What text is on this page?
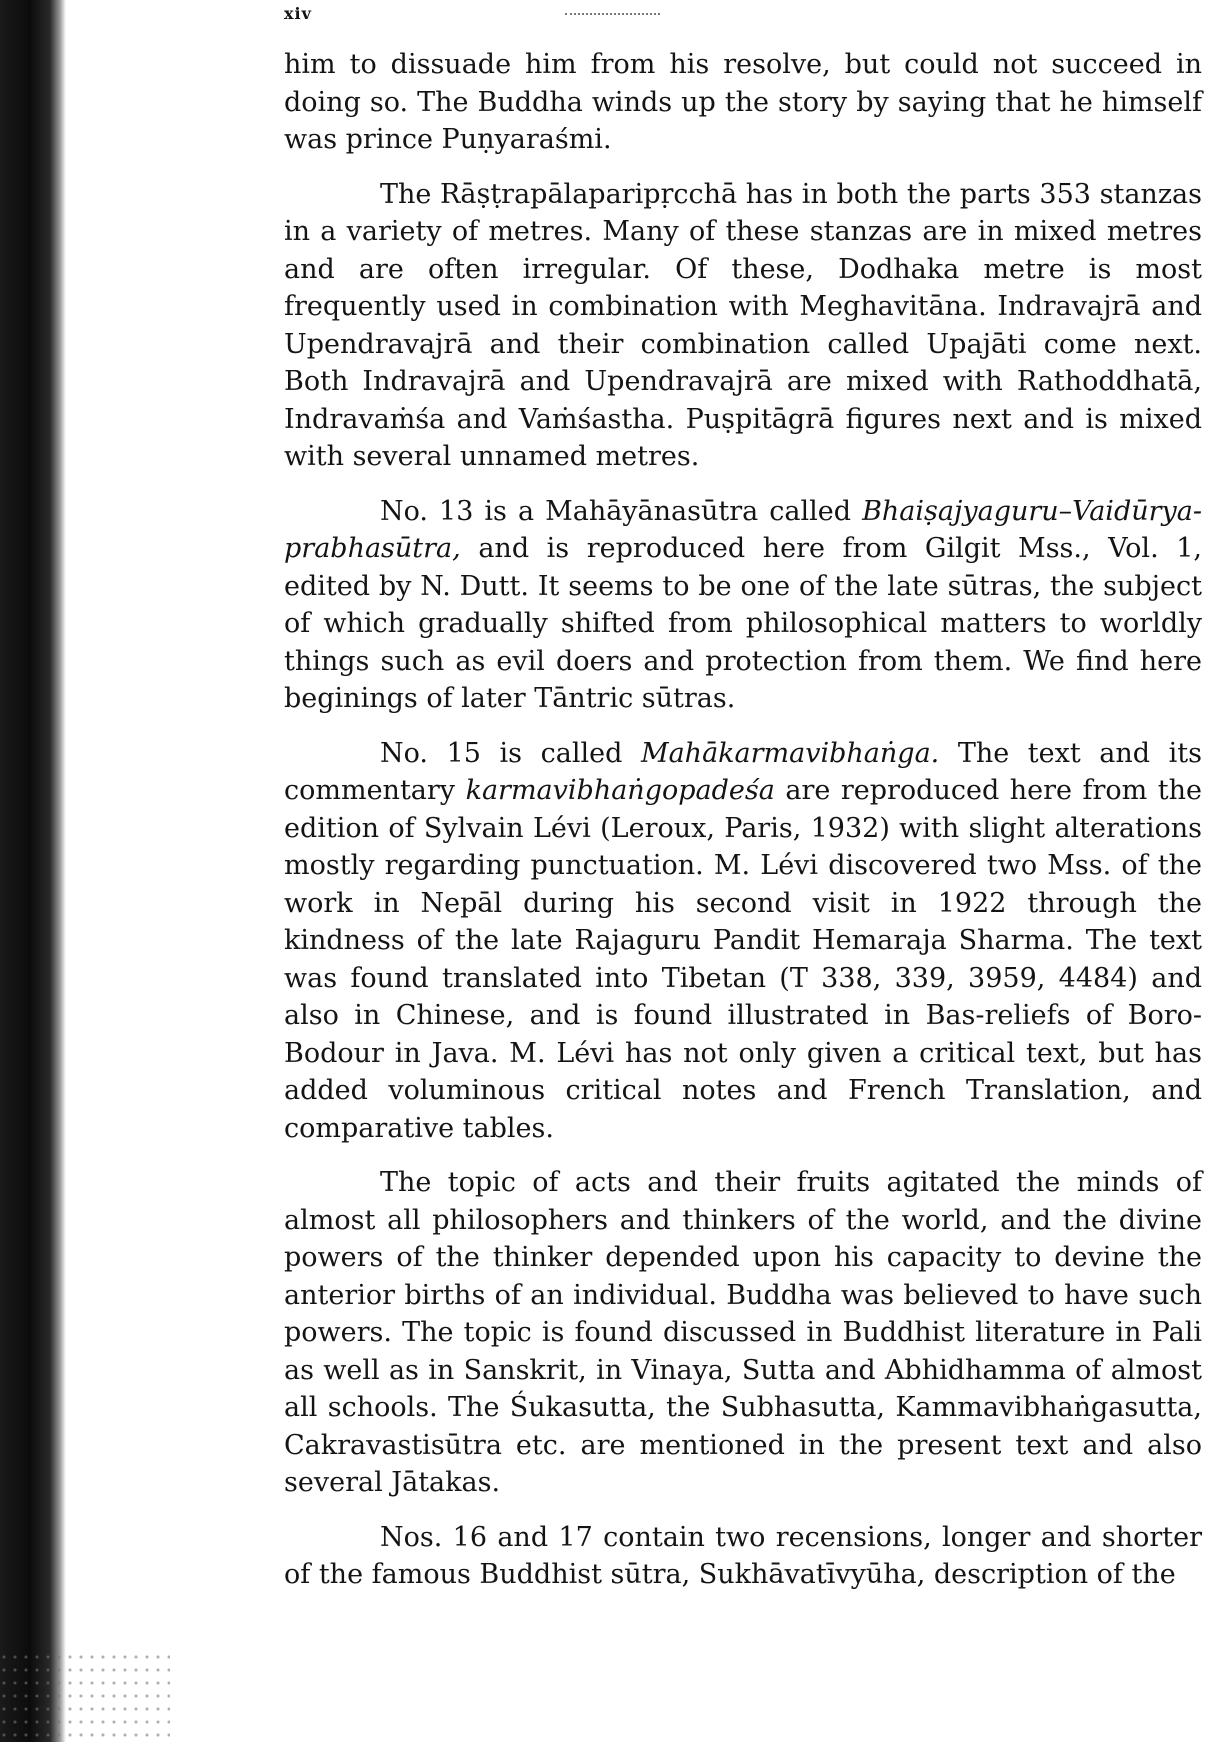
xiv

him to dissuade him from his resolve, but could not succeed in doing so. The Buddha winds up the story by saying that he himself was prince Puṇyaraśmi.

The Rāṣṭrapālaparipṛcchā has in both the parts 353 stanzas in a variety of metres. Many of these stanzas are in mixed metres and are often irregular. Of these, Dodhaka metre is most frequently used in combination with Meghavitāna. Indravajrā and Upendravajrā and their combination called Upajāti come next. Both Indravajrā and Upendravajrā are mixed with Rathoddhatā, Indravaṁśa and Vaṁśastha. Puṣpitāgrā figures next and is mixed with several unnamed metres.

No. 13 is a Mahāyānasūtra called Bhaiṣajyaguru–Vaidūrya-prabhasūtra, and is reproduced here from Gilgit Mss., Vol. 1, edited by N. Dutt. It seems to be one of the late sūtras, the subject of which gradually shifted from philosophical matters to worldly things such as evil doers and protection from them. We find here beginings of later Tāntric sūtras.

No. 15 is called Mahākarmavibhaṅga. The text and its commentary karmavibhaṅgopadeśa are reproduced here from the edition of Sylvain Lévi (Leroux, Paris, 1932) with slight alterations mostly regarding punctuation. M. Lévi discovered two Mss. of the work in Nepāl during his second visit in 1922 through the kindness of the late Rajaguru Pandit Hemaraja Sharma. The text was found translated into Tibetan (T 338, 339, 3959, 4484) and also in Chinese, and is found illustrated in Bas-reliefs of Boro-Bodour in Java. M. Lévi has not only given a critical text, but has added voluminous critical notes and French Translation, and comparative tables.

The topic of acts and their fruits agitated the minds of almost all philosophers and thinkers of the world, and the divine powers of the thinker depended upon his capacity to devine the anterior births of an individual. Buddha was believed to have such powers. The topic is found discussed in Buddhist literature in Pali as well as in Sanskrit, in Vinaya, Sutta and Abhidhamma of almost all schools. The Śukasutta, the Subhasutta, Kammavibhaṅgasutta, Cakravastisūtra etc. are mentioned in the present text and also several Jātakas.

Nos. 16 and 17 contain two recensions, longer and shorter of the famous Buddhist sūtra, Sukhāvatīvyūha, description of the
